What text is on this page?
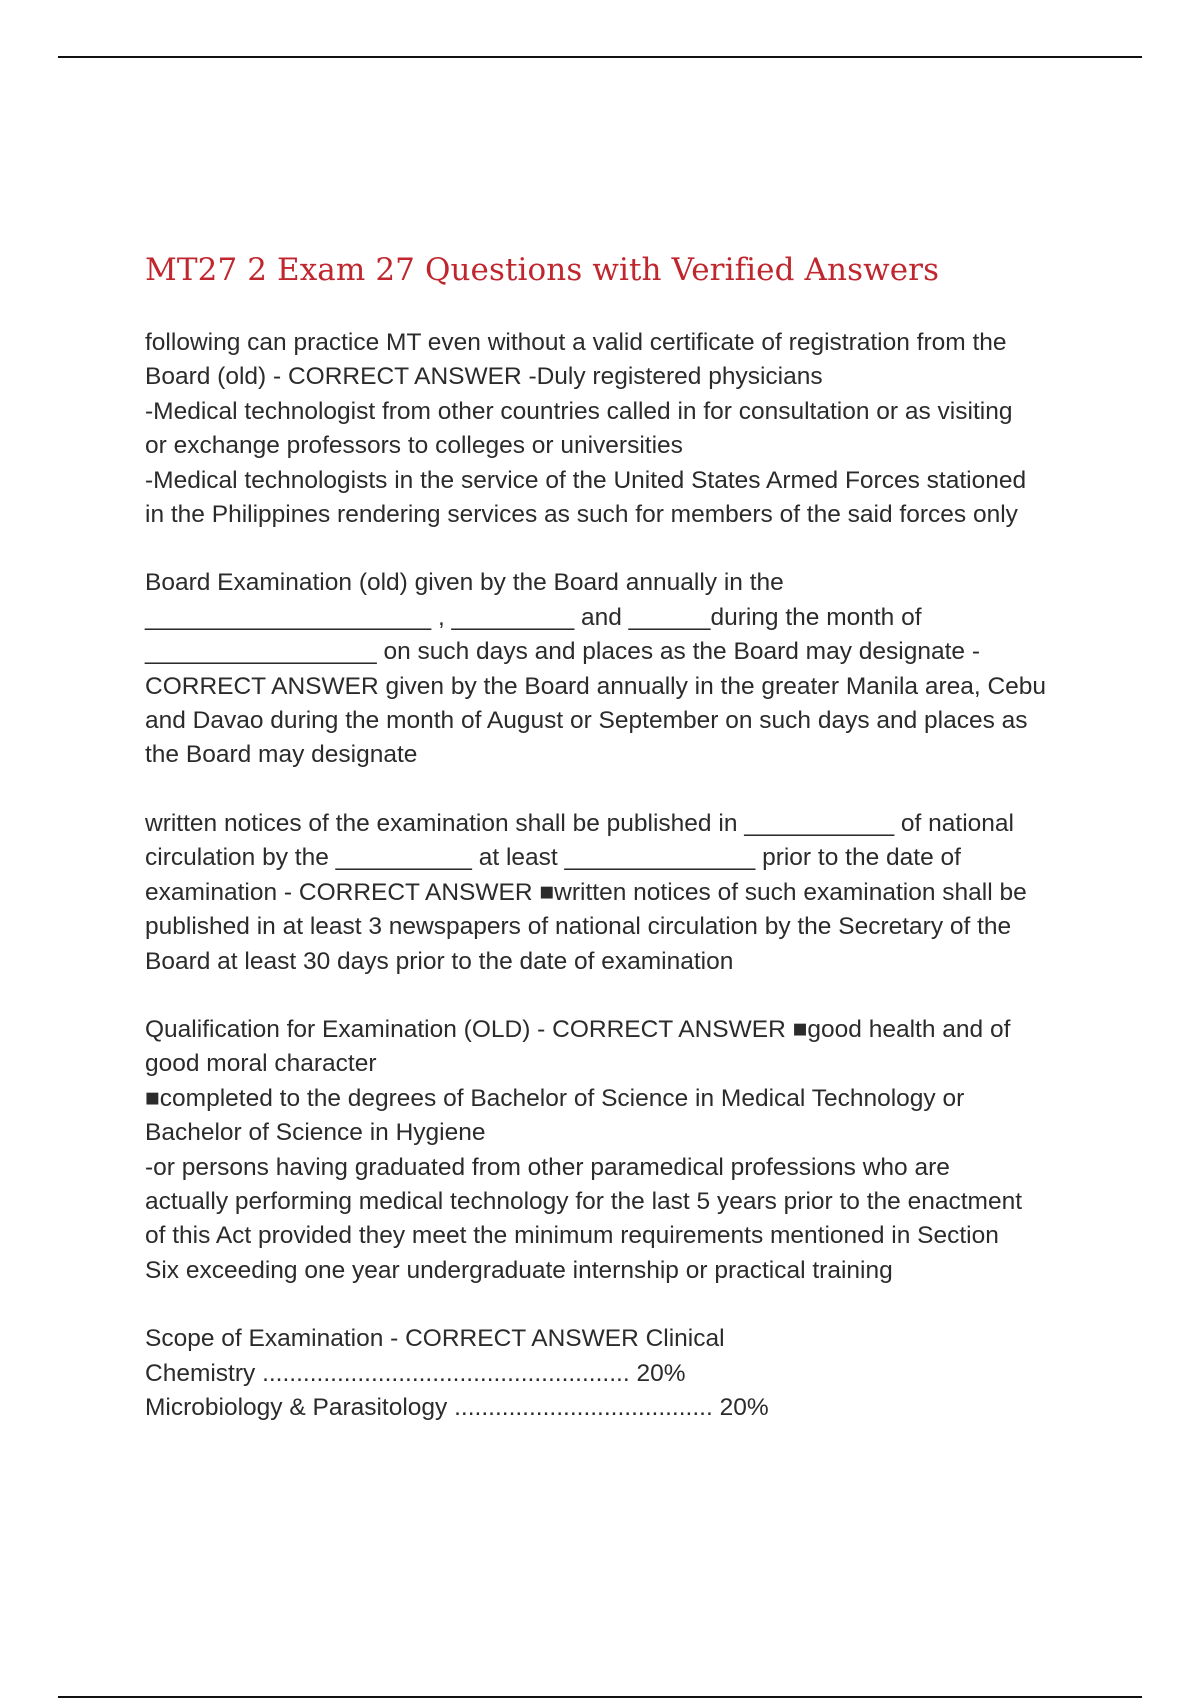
MT27 2 Exam 27 Questions with Verified Answers
following can practice MT even without a valid certificate of registration from the
Board (old) - CORRECT ANSWER -Duly registered physicians
-Medical technologist from other countries called in for consultation or as visiting
or exchange professors to colleges or universities
-Medical technologists in the service of the United States Armed Forces stationed
in the Philippines rendering services as such for members of the said forces only
Board Examination (old) given by the Board annually in the
_____________________ , _________ and ______during the month of
_________________ on such days and places as the Board may designate -
CORRECT ANSWER given by the Board annually in the greater Manila area, Cebu
and Davao during the month of August or September on such days and places as
the Board may designate
written notices of the examination shall be published in ___________ of national
circulation by the __________ at least ______________ prior to the date of
examination - CORRECT ANSWER ■written notices of such examination shall be
published in at least 3 newspapers of national circulation by the Secretary of the
Board at least 30 days prior to the date of examination
Qualification for Examination (OLD) - CORRECT ANSWER ■good health and of
good moral character
■completed to the degrees of Bachelor of Science in Medical Technology or
Bachelor of Science in Hygiene
-or persons having graduated from other paramedical professions who are
actually performing medical technology for the last 5 years prior to the enactment
of this Act provided they meet the minimum requirements mentioned in Section
Six exceeding one year undergraduate internship or practical training
Scope of Examination - CORRECT ANSWER Clinical
Chemistry ...................................................... 20%
Microbiology & Parasitology ...................................... 20%
